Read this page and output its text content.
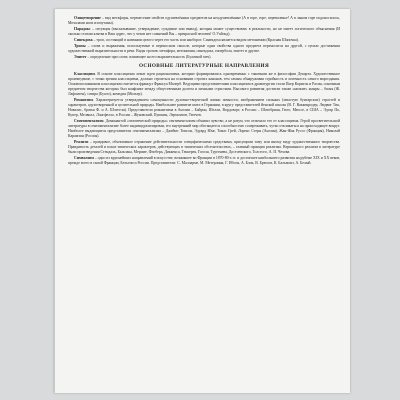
Олицетворение – вид метафоры, перенесение свойств одушевлённых предметов на неодушевлённые (А в горе, горе, переваленье! А в лыком горе подоносилось, Мочалами ноги изопутаны).

Парадокс – ситуация (высказывание, утверждение, суждение или вывод), которая может существовать в реальности, но не имеет логического объяснения (И сколько стихии клятва в Ваш адрес, что у чехов нет сомнений Вы – прекрасной человек! О.Уайльд).

Синекдоха – троп, состоящий в названии целого через его часть или наоборот. Синекдоха является видом метонимии (Красная Шапочка).

Тропы – слова и выражения, используемые в переносном смысле, которые одни свойства одного предмета переносятся на другой, с целью достижения художественной выразительности в речи. Виды тропов: метафора, метонимия, синекдоха, гипербола, эпитет и другие.

Эпитет – определение при слове, влияющее на его выразительность (Булатной меч).

ОСНОВНЫЕ ЛИТЕРАТУРНЫЕ НАПРАВЛЕНИЯ

Классицизм. В основе классицизма лежат идеи рационализма, которые формировались одновременно с таковыми же в философии Декарта. Художественное произведение, с точки зрения классицизма, должно строиться на основании строгих канонов, тем самым обнаруживая стройность и логичность самого мироздания. Основоположником классицизма считается француз Франсуа Малерб. Ведущими представителями классицизма в драматургии стали Пьер Корнель и Расин, основным предметом творчества которых был конфликт между общественным долгом и личными страстями. Высокого развития достигли также «низкие» жанры – басня (Ж. Лафонтен), сатира (Буало), комедия (Мольер).

Романтизм. Характеризуется утверждением самоценности духовно-творческой жизни личности, изображением сильных (зачастую бунтарских) страстей и характеров, одухотворенной и целительной природы. Наибольшее развитие имел в Германии, в кругу представителей йенской школы (В. Г. Ваккенродер, Людвиг Тик, Новалис, братья Ф. и А. Шлегели). Представители романтизма в Англии – Байрон, Шелли, Вордсворт, в России – Шатобриан, Гюго, Мюссе, в США – Эдгар По, Купер, Мелвилл, Лонгфелло, в России – Жуковский, Пушкин, Лермонтов, Тютчев.

Сентиментализм. Доминантой «человеческой природы» сентиментализм объявил чувство, а не разум, что отличало его от классицизма. Герой просветительской литературы в сентиментализме более индивидуализирован, его внутренний мир обогащается способностью сопереживать, чутко откликаться на происходящее вокруг. Наиболее выдающиеся представители сентиментализма – Джеймс Томсон, Эдуард Юнг, Томас Грей, Лоренс Стерн (Англия), Жан-Жак Руссо (Франция), Николай Карамзин (Россия).

Реализм – правдивое, объективное отражение действительности специфическими средствами, присущими тому или иному виду художественного творчества. Правдивость деталей и показ типических характеров, действующих в типических обстоятельствах, – главный принцип реализма. Вершинного реализм в литературе были произведения Стендаль, Бальзака, Мериме, Флобера, Диккенса, Теккерея, Гоголя, Тургенева, Достоевского, Толстого, А. П. Чехова.

Символизм – одно из крупнейших направлений в искусстве, возникшее во Франции в 1870-80-х гг. и достигшее наибольшего развития на рубеже XIX и XX веков, прежде всего в самой Франции, Бельгии и России. Представители: С. Малларме, М. Метерлинк, Г. Ибсен, А. Блок, В. Брюсов, К. Бальмонт, А. Белый.
